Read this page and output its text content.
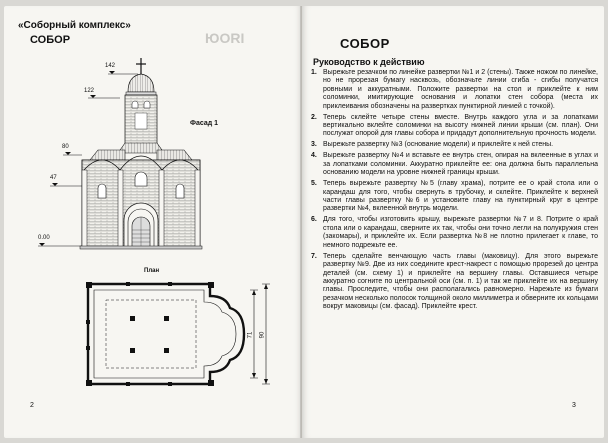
«Соборный комплекс»
СОБОР	ЮОRI
142
122
80
47
0.00
Фасад 1
План
71 90
2
СОБОР
Руководство к действию
1. Вырежьте резачком по линейке развертки №1 и 2 (стены). Также ножом по линейке, но не прорезая бумагу насквозь, обозначьте линии сгиба - сгибы получатся ровными и аккуратными. Положите развертки на стол и приклейте к ним соломинки, имитирующие основания и лопатки стен собора (места их приклеивания обозначены на развертках пунктирной линией с точкой).
2. Теперь склейте четыре стены вместе. Внутрь каждого угла и за лопатками вертикально вклейте соломинки на высоту нижней линии крыши (см. план). Они послужат опорой для главы собора и придадут дополнительную прочность модели.
3. Вырежьте развертку №3 (основание модели) и приклейте к ней стены.
4. Вырежьте развертку №4 и вставьте ее внутрь стен, опирая на вклеенные в углах и за лопатками соломинки. Аккуратно приклейте ее: она должна быть параллельна основанию модели на уровне нижней границы крыши.
5. Теперь вырежьте развертку №5 (главу храма), потрите ее о край стола или о карандаш для того, чтобы свернуть в трубочку, и склейте. Приклейте к верхней части главы развертку №6 и установите главу на пунктирный круг в центре развертки №4, вклеенной внутрь модели.
6. Для того, чтобы изготовить крышу, вырежьте развертки №7 и 8. Потрите о край стола или о карандаш, сверните их так, чтобы они точно легли на полукружия стен (закомары), и приклейте их. Если развертка №8 не плотно прилегает к главе, то немного подрежьте ее.
7. Теперь сделайте венчающую часть главы (маковицу). Для этого вырежьте развертку №9. Две из них соедините крест-накрест с помощью прорезей до центра деталей (см. схему 1) и приклейте на вершину главы. Оставшиеся четыре аккуратно согните по центральной оси (см. п. 1) и так же приклейте их на вершину главы. Проследите, чтобы они располагались равномерно. Нарежьте из бумаги резачком несколько полосок толщиной около миллиметра и обверните их кольцами вокруг маковицы (см. фасад). Приклейте крест.
3
